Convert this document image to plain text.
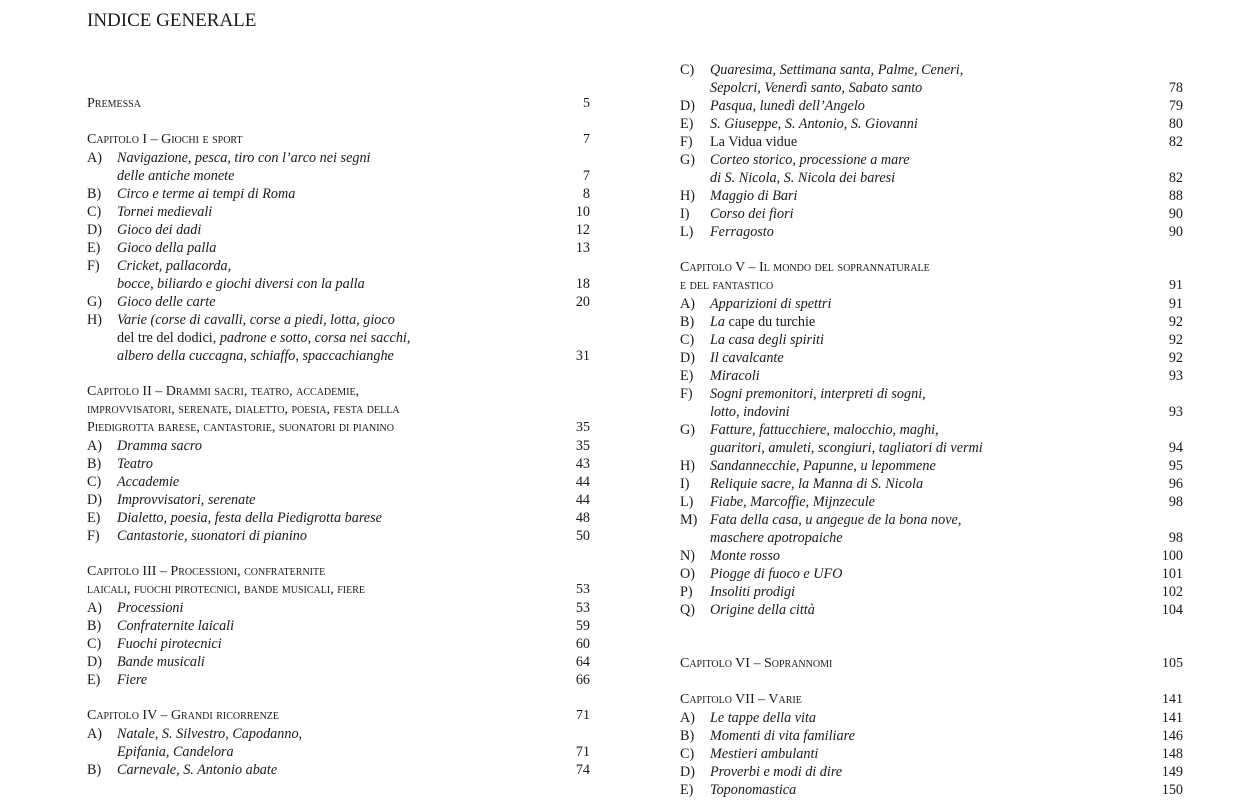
INDICE GENERALE
Premessa	5
Capitolo I – Giochi e sport	7
A) Navigazione, pesca, tiro con l’arco nei segni
delle antiche monete	7
B) Circo e terme ai tempi di Roma	8
C) Tornei medievali	10
D) Gioco dei dadi	12
E) Gioco della palla	13
F) Cricket, pallacorda,
bocce, biliardo e giochi diversi con la palla	18
G) Gioco delle carte	20
H) Varie (corse di cavalli, corse a piedi, lotta, gioco
del tre del dodici, padrone e sotto, corsa nei sacchi,
albero della cuccagna, schiaffo, spaccachianghe	31
Capitolo II – Drammi sacri, teatro, accademie,
improvvisatori, serenate, dialetto, poesia, festa della
Piedigrotta barese, cantastorie, suonatori di pianino	35
A) Dramma sacro	35
B) Teatro	43
C) Accademie	44
D) Improvvisatori, serenate	44
E) Dialetto, poesia, festa della Piedigrotta barese	48
F) Cantastorie, suonatori di pianino	50
Capitolo III – Processioni, confraternite
laicali, fuochi pirotecnici, bande musicali, fiere	53
A) Processioni	53
B) Confraternite laicali	59
C) Fuochi pirotecnici	60
D) Bande musicali	64
E) Fiere	66
Capitolo IV – Grandi ricorrenze	71
A) Natale, S. Silvestro, Capodanno,
Epifania, Candelora	71
B) Carnevale, S. Antonio abate	74
C) Quaresima, Settimana santa, Palme, Ceneri,
Sepolcri, Venerdì santo, Sabato santo	78
D) Pasqua, lunedì dell’Angelo	79
E) S. Giuseppe, S. Antonio, S. Giovanni	80
F) La Vidua vidue	82
G) Corteo storico, processione a mare
di S. Nicola, S. Nicola dei baresi	82
H) Maggio di Bari	88
I) Corso dei fiori	90
L) Ferragosto	90
Capitolo V – Il mondo del soprannaturale
e del fantastico	91
A) Apparizioni di spettri	91
B) La cape du turchie	92
C) La casa degli spiriti	92
D) Il cavalcante	92
E) Miracoli	93
F) Sogni premonitori, interpreti di sogni,
lotto, indovini	93
G) Fatture, fattucchiere, malocchio, maghi,
guaritori, amuleti, scongiuri, tagliatori di vermi	94
H) Sandannecchie, Papunne, u lepommene	95
I) Reliquie sacre, la Manna di S. Nicola	96
L) Fiabe, Marcoffie, Mijnzecule	98
M) Fata della casa, u angegue de la bona nove,
maschere apotropaiche	98
N) Monte rosso	100
O) Piogge di fuoco e UFO	101
P) Insoliti prodigi	102
Q) Origine della città	104
Capitolo VI – Soprannomi	105
Capitolo VII – Varie	141
A) Le tappe della vita	141
B) Momenti di vita familiare	146
C) Mestieri ambulanti	148
D) Proverbi e modi di dire	149
E) Toponomastica	150
